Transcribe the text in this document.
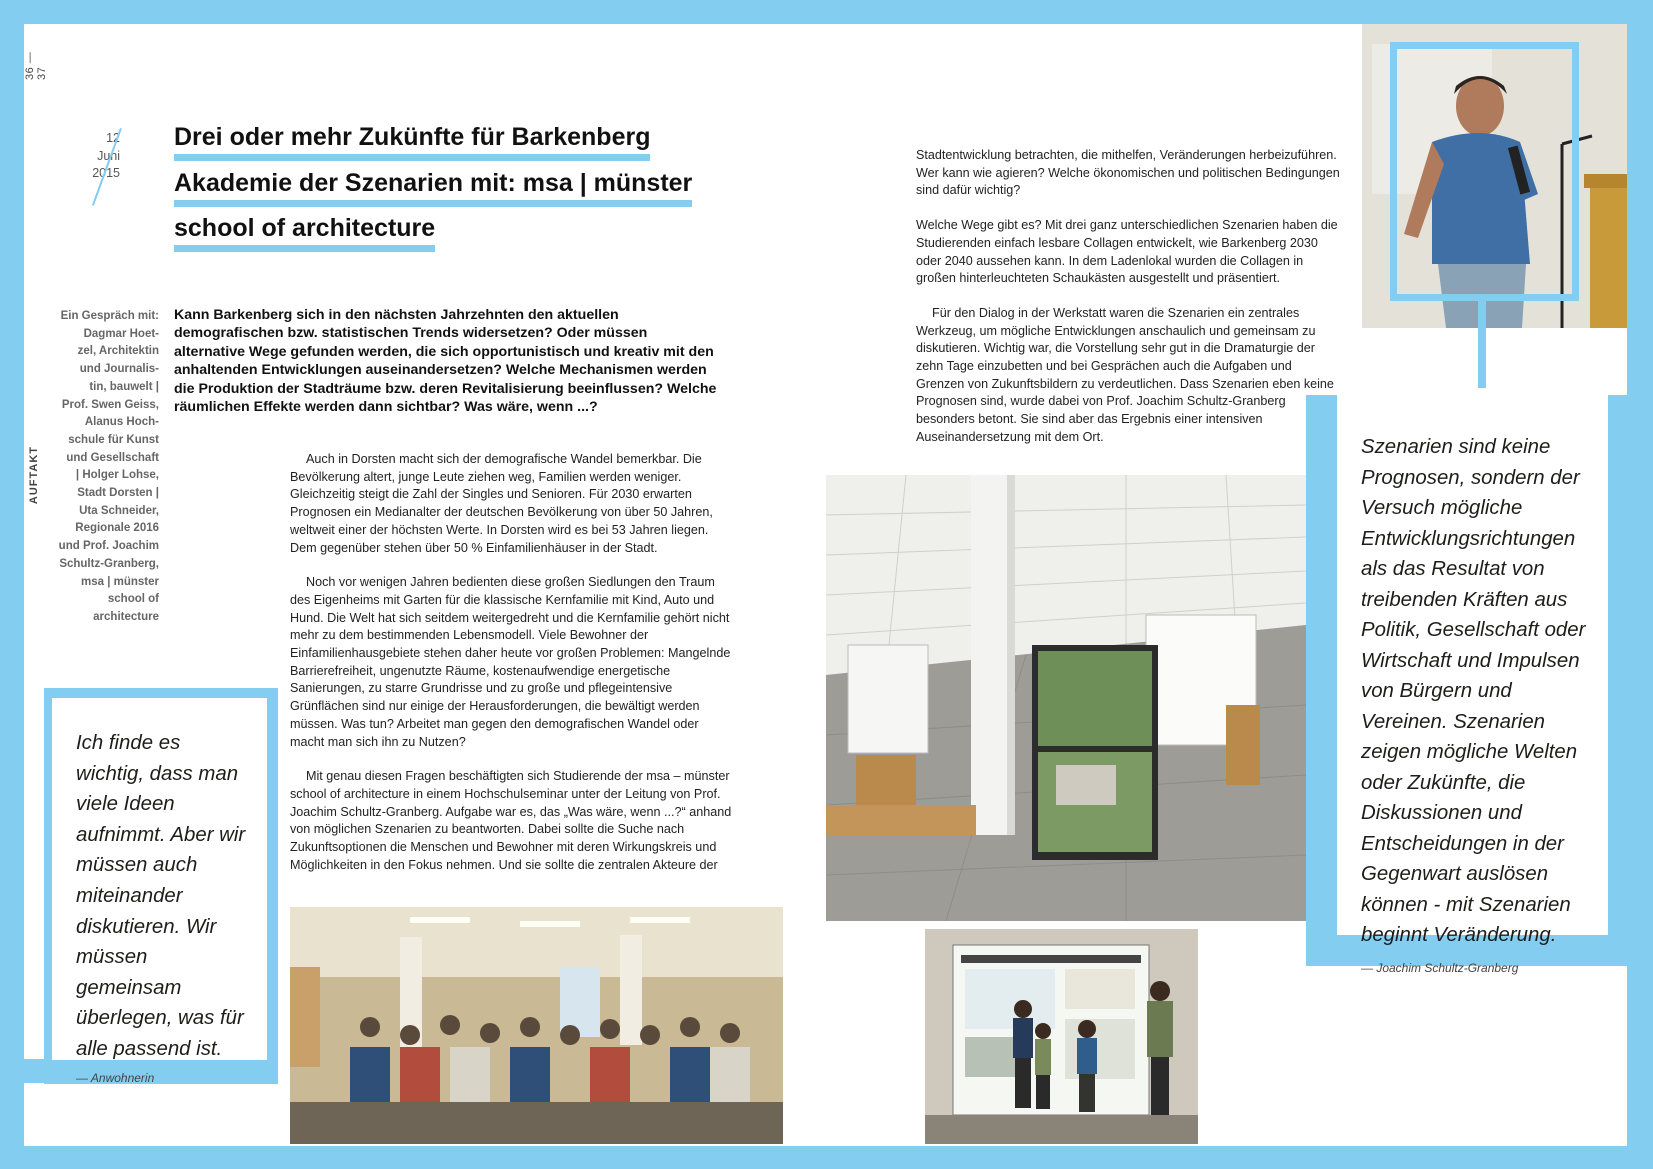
36 — 37
AUFTAKT
12
Juni
2015
Drei oder mehr Zukünfte für Barkenberg
Akademie der Szenarien mit: msa | münster
school of architecture
Ein Gespräch mit:
Dagmar Hoet-
zel, Architektin
und Journalis-
tin, bauwelt |
Prof. Swen Geiss,
Alanus Hoch-
schule für Kunst
und Gesellschaft
| Holger Lohse,
Stadt Dorsten |
Uta Schneider,
Regionale 2016
und Prof. Joachim
Schultz-Granberg,
msa | münster
school of
architecture
Kann Barkenberg sich in den nächsten Jahrzehnten den aktuellen demografischen bzw. statistischen Trends widersetzen? Oder müssen alternative Wege gefunden werden, die sich opportunistisch und kreativ mit den anhaltenden Entwicklungen auseinandersetzen? Welche Mechanismen werden die Produktion der Stadträume bzw. deren Revitalisierung beeinflussen? Welche räumlichen Effekte werden dann sichtbar? Was wäre, wenn ...?

Auch in Dorsten macht sich der demografische Wandel bemerkbar. Die Bevölkerung altert, junge Leute ziehen weg, Familien werden weniger. Gleichzeitig steigt die Zahl der Singles und Senioren. Für 2030 erwarten Prognosen ein Medianalter der deutschen Bevölkerung von über 50 Jahren, weltweit einer der höchsten Werte. In Dorsten wird es bei 53 Jahren liegen. Dem gegenüber stehen über 50 % Einfamilienhäuser in der Stadt.

Noch vor wenigen Jahren bedienten diese großen Siedlungen den Traum des Eigenheims mit Garten für die klassische Kernfamilie mit Kind, Auto und Hund. Die Welt hat sich seitdem weitergedreht und die Kernfamilie gehört nicht mehr zu dem bestimmenden Lebensmodell. Viele Bewohner der Einfamilienhausgebiete stehen daher heute vor großen Problemen: Mangelnde Barrierefreiheit, ungenutzte Räume, kostenaufwendige energetische Sanierungen, zu starre Grundrisse und zu große und pflegeintensive Grünflächen sind nur einige der Herausforderungen, die bewältigt werden müssen. Was tun? Arbeitet man gegen den demografischen Wandel oder macht man sich ihn zu Nutzen?

Mit genau diesen Fragen beschäftigten sich Studierende der msa – münster school of architecture in einem Hochschulseminar unter der Leitung von Prof. Joachim Schultz-Granberg. Aufgabe war es, das „Was wäre, wenn ...?“ anhand von möglichen Szenarien zu beantworten. Dabei sollte die Suche nach Zukunftsoptionen die Menschen und Bewohner mit deren Wirkungskreis und Möglichkeiten in den Fokus nehmen. Und sie sollte die zentralen Akteure der

Stadtentwicklung betrachten, die mithelfen, Veränderungen herbeizuführen. Wer kann wie agieren? Welche ökonomischen und politischen Bedingungen sind dafür wichtig?

Welche Wege gibt es? Mit drei ganz unterschiedlichen Szenarien haben die Studierenden einfach lesbare Collagen entwickelt, wie Barkenberg 2030 oder 2040 aussehen kann. In dem Ladenlokal wurden die Collagen in großen hinterleuchteten Schaukästen ausgestellt und präsentiert.

Für den Dialog in der Werkstatt waren die Szenarien ein zentrales Werkzeug, um mögliche Entwicklungen anschaulich und gemeinsam zu diskutieren. Wichtig war, die Vorstellung sehr gut in die Dramaturgie der zehn Tage einzubetten und bei Gesprächen auch die Aufgaben und Grenzen von Zukunftsbildern zu verdeutlichen. Dass Szenarien eben keine Prognosen sind, wurde dabei von Prof. Joachim Schultz-Granberg besonders betont. Sie sind aber das Ergebnis einer intensiven Auseinandersetzung mit dem Ort.

Ich finde es wichtig, dass man viele Ideen aufnimmt. Aber wir müssen auch miteinander diskutieren. Wir müssen gemeinsam überlegen, was für alle passend ist.
— Anwohnerin
Szenarien sind keine Prognosen, sondern der Versuch mögliche Entwicklungsrichtungen als das Resultat von treibenden Kräften aus Politik, Gesellschaft oder Wirtschaft und Impulsen von Bürgern und Vereinen. Szenarien zeigen mögliche Welten oder Zukünfte, die Diskussionen und Entscheidungen in der Gegenwart auslösen können - mit Szenarien beginnt Veränderung.
— Joachim Schultz-Granberg
